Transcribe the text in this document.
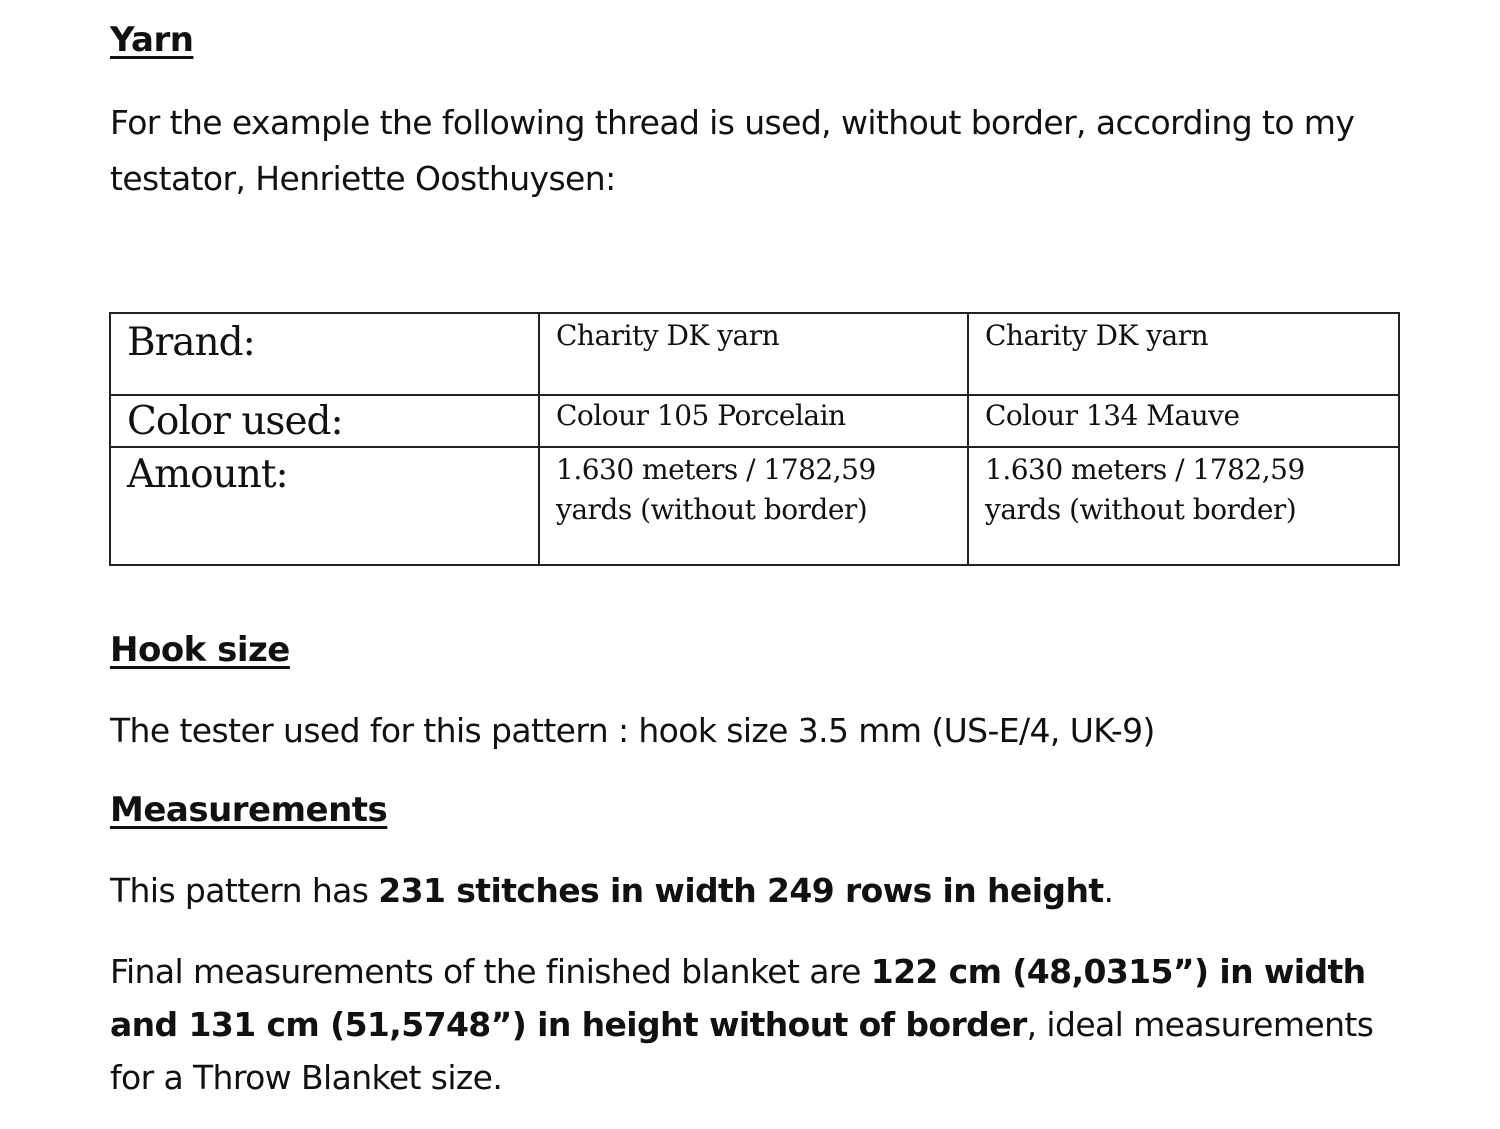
Yarn

For the example the following thread is used, without border, according to my testator, Henriette Oosthuysen:

Brand:	Charity DK yarn	Charity DK yarn
Color used:	Colour 105 Porcelain	Colour 134 Mauve
Amount:	1.630 meters / 1782,59 yards (without border)	1.630 meters / 1782,59 yards (without border)
Hook size

The tester used for this pattern : hook size 3.5 mm (US-E/4, UK-9)

Measurements

This pattern has 231 stitches in width 249 rows in height.

Final measurements of the finished blanket are 122 cm (48,0315”) in width and 131 cm (51,5748”) in height without of border, ideal measurements for a Throw Blanket size.
